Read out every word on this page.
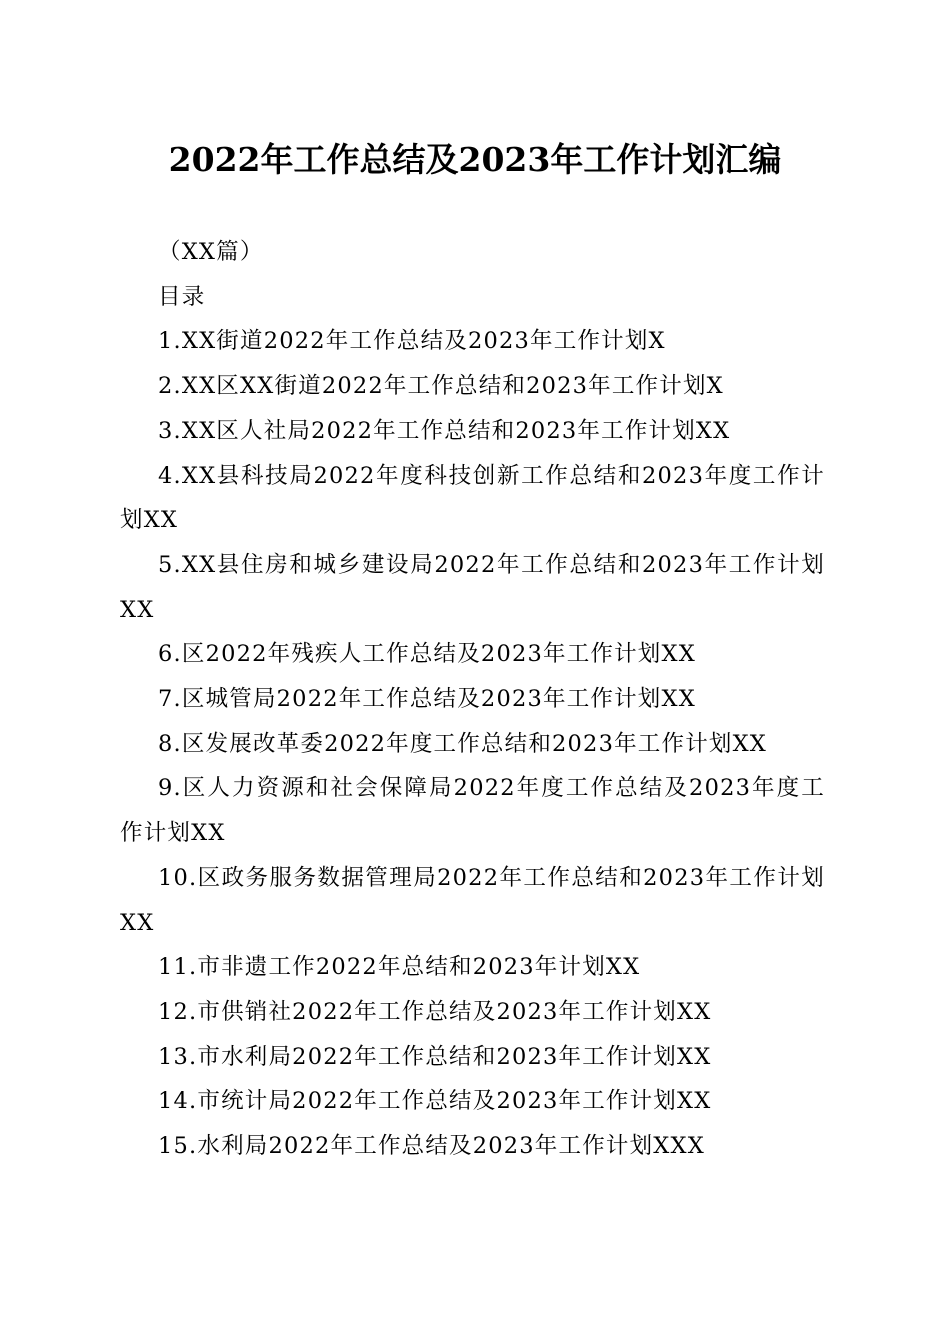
2022年工作总结及2023年工作计划汇编

（XX篇）

目录

1.XX街道2022年工作总结及2023年工作计划X

2.XX区XX街道2022年工作总结和2023年工作计划X

3.XX区人社局2022年工作总结和2023年工作计划XX

4.XX县科技局2022年度科技创新工作总结和2023年度工作计划XX

5.XX县住房和城乡建设局2022年工作总结和2023年工作计划XX

6.区2022年残疾人工作总结及2023年工作计划XX

7.区城管局2022年工作总结及2023年工作计划XX

8.区发展改革委2022年度工作总结和2023年工作计划XX

9.区人力资源和社会保障局2022年度工作总结及2023年度工作计划XX

10.区政务服务数据管理局2022年工作总结和2023年工作计划XX

11.市非遗工作2022年总结和2023年计划XX

12.市供销社2022年工作总结及2023年工作计划XX

13.市水利局2022年工作总结和2023年工作计划XX

14.市统计局2022年工作总结及2023年工作计划XX

15.水利局2022年工作总结及2023年工作计划XXX
